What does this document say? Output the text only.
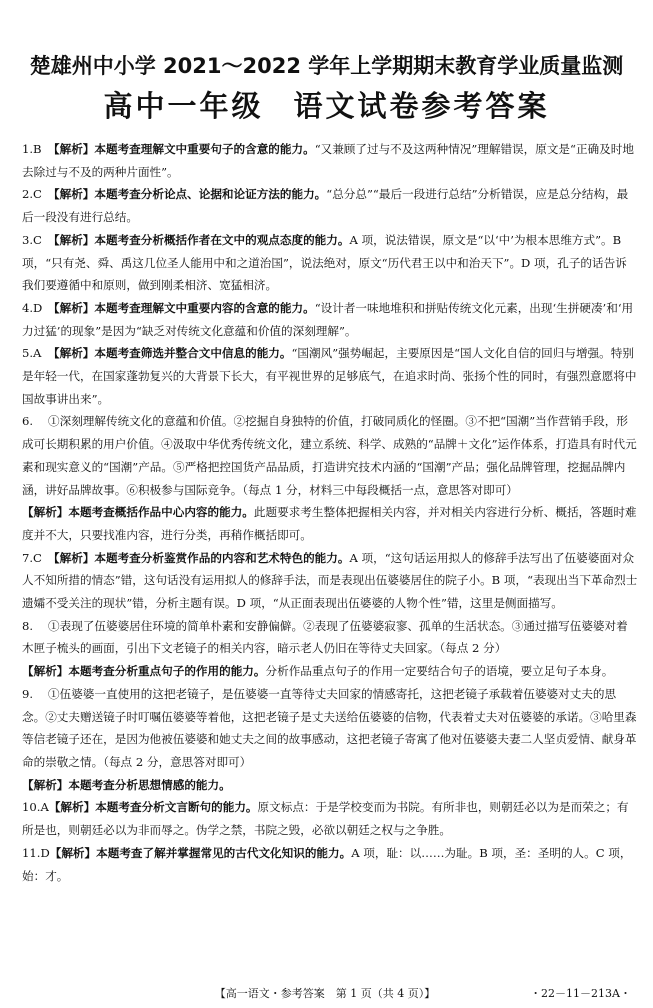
楚雄州中小学 2021～2022 学年上学期期末教育学业质量监测
高中一年级 语文试卷参考答案

1.B 【解析】本题考查理解文中重要句子的含意的能力。“又兼顾了过与不及这两种情况”理解错误，原文是“正确及时地去除过与不及的两种片面性”。

2.C 【解析】本题考查分析论点、论据和论证方法的能力。“总分总”“最后一段进行总结”分析错误，应是总分结构，最后一段没有进行总结。

3.C 【解析】本题考查分析概括作者在文中的观点态度的能力。A 项，说法错误，原文是“以‘中’为根本思维方式”。B 项，“只有尧、舜、禹这几位圣人能用中和之道治国”，说法绝对，原文“历代君王以中和治天下”。D 项，孔子的话告诉我们要遵循中和原则，做到刚柔相济、宽猛相济。

4.D 【解析】本题考查理解文中重要内容的含意的能力。“设计者一味地堆积和拼贴传统文化元素，出现‘生拼硬凑’和‘用力过猛’的现象”是因为“缺乏对传统文化意蕴和价值的深刻理解”。

5.A 【解析】本题考查筛选并整合文中信息的能力。“国潮风”强势崛起，主要原因是“国人文化自信的回归与增强。特别是年轻一代，在国家蓬勃复兴的大背景下长大，有平视世界的足够底气，在追求时尚、张扬个性的同时，有强烈意愿将中国故事讲出来”。

6. ①深刻理解传统文化的意蕴和价值。②挖掘自身独特的价值，打破同质化的怪圈。③不把“国潮”当作营销手段，形成可长期积累的用户价值。④汲取中华优秀传统文化，建立系统、科学、成熟的“品牌＋文化”运作体系，打造具有时代元素和现实意义的“国潮”产品。⑤严格把控国货产品品质，打造讲究技术内涵的“国潮”产品；强化品牌管理，挖掘品牌内涵，讲好品牌故事。⑥积极参与国际竞争。（每点 1 分，材料三中每段概括一点，意思答对即可）

【解析】本题考查概括作品中心内容的能力。此题要求考生整体把握相关内容，并对相关内容进行分析、概括，答题时难度并不大，只要找准内容，进行分类，再稍作概括即可。

7.C 【解析】本题考查分析鉴赏作品的内容和艺术特色的能力。A 项，“这句话运用拟人的修辞手法写出了伍婆婆面对众人不知所措的情态”错，这句话没有运用拟人的修辞手法，而是表现出伍婆婆居住的院子小。B 项，“表现出当下革命烈士遗孀不受关注的现状”错，分析主题有误。D 项，“从正面表现出伍婆婆的人物个性”错，这里是侧面描写。

8. ①表现了伍婆婆居住环境的简单朴素和安静偏僻。②表现了伍婆婆寂寥、孤单的生活状态。③通过描写伍婆婆对着木匣子梳头的画面，引出下文老镜子的相关内容，暗示老人仍旧在等待丈夫回家。（每点 2 分）

【解析】本题考查分析重点句子的作用的能力。分析作品重点句子的作用一定要结合句子的语境，要立足句子本身。

9. ①伍婆婆一直使用的这把老镜子，是伍婆婆一直等待丈夫回家的情感寄托，这把老镜子承载着伍婆婆对丈夫的思念。②丈夫赠送镜子时叮嘱伍婆婆等着他，这把老镜子是丈夫送给伍婆婆的信物，代表着丈夫对伍婆婆的承诺。③哈里森等信老镜子还在，是因为他被伍婆婆和她丈夫之间的故事感动，这把老镜子寄寓了他对伍婆婆夫妻二人坚贞爱情、献身革命的崇敬之情。（每点 2 分，意思答对即可）

【解析】本题考查分析思想情感的能力。

10.A【解析】本题考查分析文言断句的能力。原文标点：于是学校变而为书院。有所非也，则朝廷必以为是而荣之；有所是也，则朝廷必以为非而辱之。伪学之禁，书院之毁，必欲以朝廷之权与之争胜。

11.D【解析】本题考查了解并掌握常见的古代文化知识的能力。A 项，耻：以……为耻。B 项，圣：圣明的人。C 项，始：才。

【高一语文・参考答案　第 1 页（共 4 页）】	・22－11－213A・
